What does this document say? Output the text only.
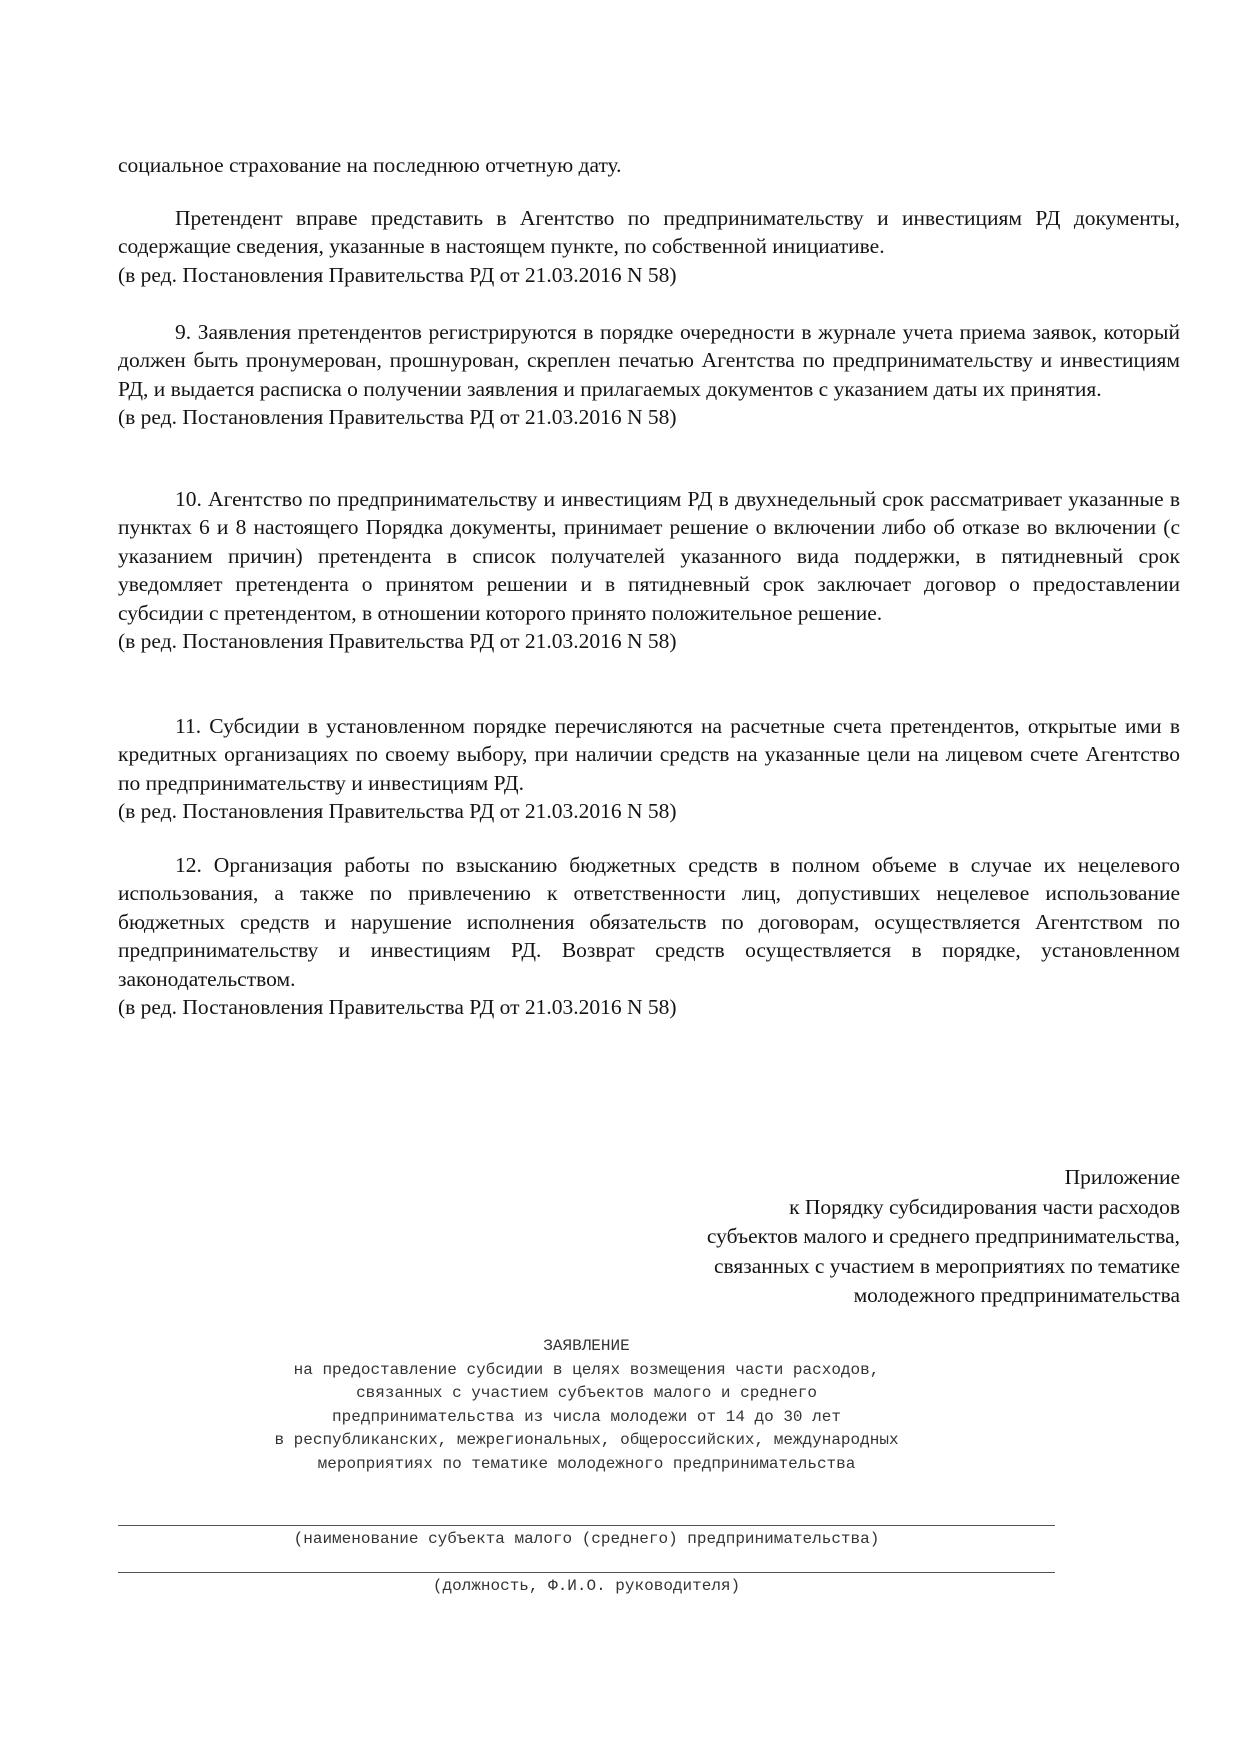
социальное страхование на последнюю отчетную дату.

Претендент вправе представить в Агентство по предпринимательству и инвестициям РД документы, содержащие сведения, указанные в настоящем пункте, по собственной инициативе.

(в ред. Постановления Правительства РД от 21.03.2016 N 58)

9. Заявления претендентов регистрируются в порядке очередности в журнале учета приема заявок, который должен быть пронумерован, прошнурован, скреплен печатью Агентства по предпринимательству и инвестициям РД, и выдается расписка о получении заявления и прилагаемых документов с указанием даты их принятия.

(в ред. Постановления Правительства РД от 21.03.2016 N 58)

10. Агентство по предпринимательству и инвестициям РД в двухнедельный срок рассматривает указанные в пунктах 6 и 8 настоящего Порядка документы, принимает решение о включении либо об отказе во включении (с указанием причин) претендента в список получателей указанного вида поддержки, в пятидневный срок уведомляет претендента о принятом решении и в пятидневный срок заключает договор о предоставлении субсидии с претендентом, в отношении которого принято положительное решение.

(в ред. Постановления Правительства РД от 21.03.2016 N 58)

11. Субсидии в установленном порядке перечисляются на расчетные счета претендентов, открытые ими в кредитных организациях по своему выбору, при наличии средств на указанные цели на лицевом счете Агентство по предпринимательству и инвестициям РД.

(в ред. Постановления Правительства РД от 21.03.2016 N 58)

12. Организация работы по взысканию бюджетных средств в полном объеме в случае их нецелевого использования, а также по привлечению к ответственности лиц, допустивших нецелевое использование бюджетных средств и нарушение исполнения обязательств по договорам, осуществляется Агентством по предпринимательству и инвестициям РД. Возврат средств осуществляется в порядке, установленном законодательством.

(в ред. Постановления Правительства РД от 21.03.2016 N 58)

Приложение
к Порядку субсидирования части расходов
субъектов малого и среднего предпринимательства,
связанных с участием в мероприятиях по тематике
молодежного предпринимательства
ЗАЯВЛЕНИЕ
на предоставление субсидии в целях возмещения части расходов,
связанных с участием субъектов малого и среднего
предпринимательства из числа молодежи от 14 до 30 лет
в республиканских, межрегиональных, общероссийских, международных
мероприятиях по тематике молодежного предпринимательства
(наименование субъекта малого (среднего) предпринимательства)
(должность, Ф.И.О. руководителя)
